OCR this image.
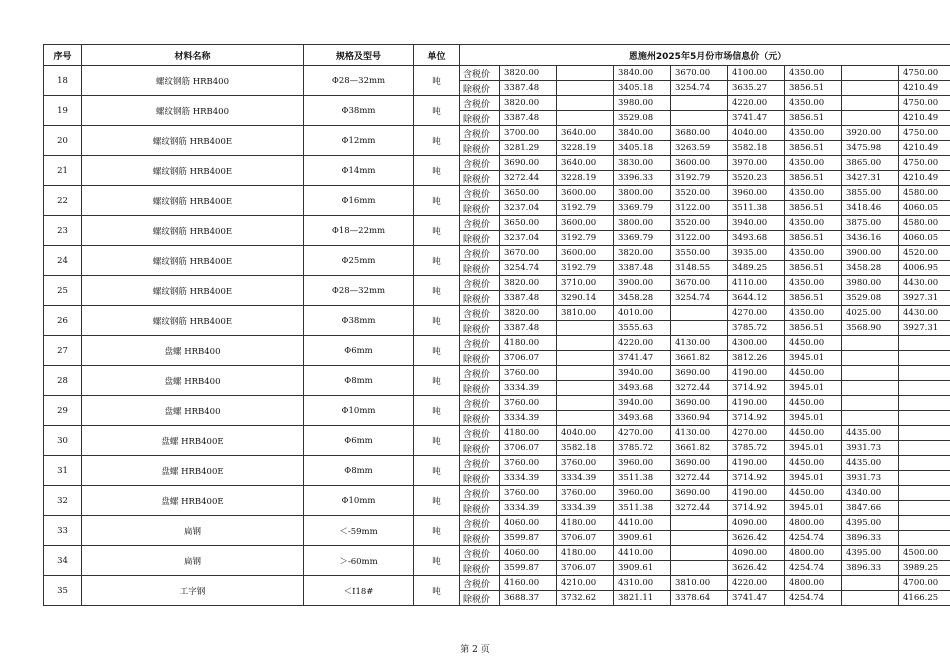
序号	材料名称	规格及型号	单位	恩施州2025年5月份市场信息价（元）								
18	螺纹钢筋 HRB400	Φ28—32mm	吨	含税价	3820.00		3840.00	3670.00	4100.00	4350.00		4750.00
				除税价	3387.48		3405.18	3254.74	3635.27	3856.51		4210.49
19	螺纹钢筋 HRB400	Φ38mm	吨	含税价	3820.00		3980.00		4220.00	4350.00		4750.00
				除税价	3387.48		3529.08		3741.47	3856.51		4210.49
20	螺纹钢筋 HRB400E	Φ12mm	吨	含税价	3700.00	3640.00	3840.00	3680.00	4040.00	4350.00	3920.00	4750.00
				除税价	3281.29	3228.19	3405.18	3263.59	3582.18	3856.51	3475.98	4210.49
21	螺纹钢筋 HRB400E	Φ14mm	吨	含税价	3690.00	3640.00	3830.00	3600.00	3970.00	4350.00	3865.00	4750.00
				除税价	3272.44	3228.19	3396.33	3192.79	3520.23	3856.51	3427.31	4210.49
22	螺纹钢筋 HRB400E	Φ16mm	吨	含税价	3650.00	3600.00	3800.00	3520.00	3960.00	4350.00	3855.00	4580.00
				除税价	3237.04	3192.79	3369.79	3122.00	3511.38	3856.51	3418.46	4060.05
23	螺纹钢筋 HRB400E	Φ18—22mm	吨	含税价	3650.00	3600.00	3800.00	3520.00	3940.00	4350.00	3875.00	4580.00
				除税价	3237.04	3192.79	3369.79	3122.00	3493.68	3856.51	3436.16	4060.05
24	螺纹钢筋 HRB400E	Φ25mm	吨	含税价	3670.00	3600.00	3820.00	3550.00	3935.00	4350.00	3900.00	4520.00
				除税价	3254.74	3192.79	3387.48	3148.55	3489.25	3856.51	3458.28	4006.95
25	螺纹钢筋 HRB400E	Φ28—32mm	吨	含税价	3820.00	3710.00	3900.00	3670.00	4110.00	4350.00	3980.00	4430.00
				除税价	3387.48	3290.14	3458.28	3254.74	3644.12	3856.51	3529.08	3927.31
26	螺纹钢筋 HRB400E	Φ38mm	吨	含税价	3820.00	3810.00	4010.00		4270.00	4350.00	4025.00	4430.00
				除税价	3387.48		3555.63		3785.72	3856.51	3568.90	3927.31
27	盘螺 HRB400	Φ6mm	吨	含税价	4180.00		4220.00	4130.00	4300.00	4450.00		
				除税价	3706.07		3741.47	3661.82	3812.26	3945.01		
28	盘螺 HRB400	Φ8mm	吨	含税价	3760.00		3940.00	3690.00	4190.00	4450.00		
				除税价	3334.39		3493.68	3272.44	3714.92	3945.01		
29	盘螺 HRB400	Φ10mm	吨	含税价	3760.00		3940.00	3690.00	4190.00	4450.00		
				除税价	3334.39		3493.68	3360.94	3714.92	3945.01		
30	盘螺 HRB400E	Φ6mm	吨	含税价	4180.00	4040.00	4270.00	4130.00	4270.00	4450.00	4435.00	
				除税价	3706.07	3582.18	3785.72	3661.82	3785.72	3945.01	3931.73	
31	盘螺 HRB400E	Φ8mm	吨	含税价	3760.00	3760.00	3960.00	3690.00	4190.00	4450.00	4435.00	
				除税价	3334.39	3334.39	3511.38	3272.44	3714.92	3945.01	3931.73	
32	盘螺 HRB400E	Φ10mm	吨	含税价	3760.00	3760.00	3960.00	3690.00	4190.00	4450.00	4340.00	
				除税价	3334.39	3334.39	3511.38	3272.44	3714.92	3945.01	3847.66	
33	扁钢	＜-59mm	吨	含税价	4060.00	4180.00	4410.00		4090.00	4800.00	4395.00	
				除税价	3599.87	3706.07	3909.61		3626.42	4254.74	3896.33	
34	扁钢	＞-60mm	吨	含税价	4060.00	4180.00	4410.00		4090.00	4800.00	4395.00	4500.00
				除税价	3599.87	3706.07	3909.61		3626.42	4254.74	3896.33	3989.25
35	工字钢	＜Ⅰ18#	吨	含税价	4160.00	4210.00	4310.00	3810.00	4220.00	4800.00		4700.00
				除税价	3688.37	3732.62	3821.11	3378.64	3741.47	4254.74		4166.25
第 2 页
